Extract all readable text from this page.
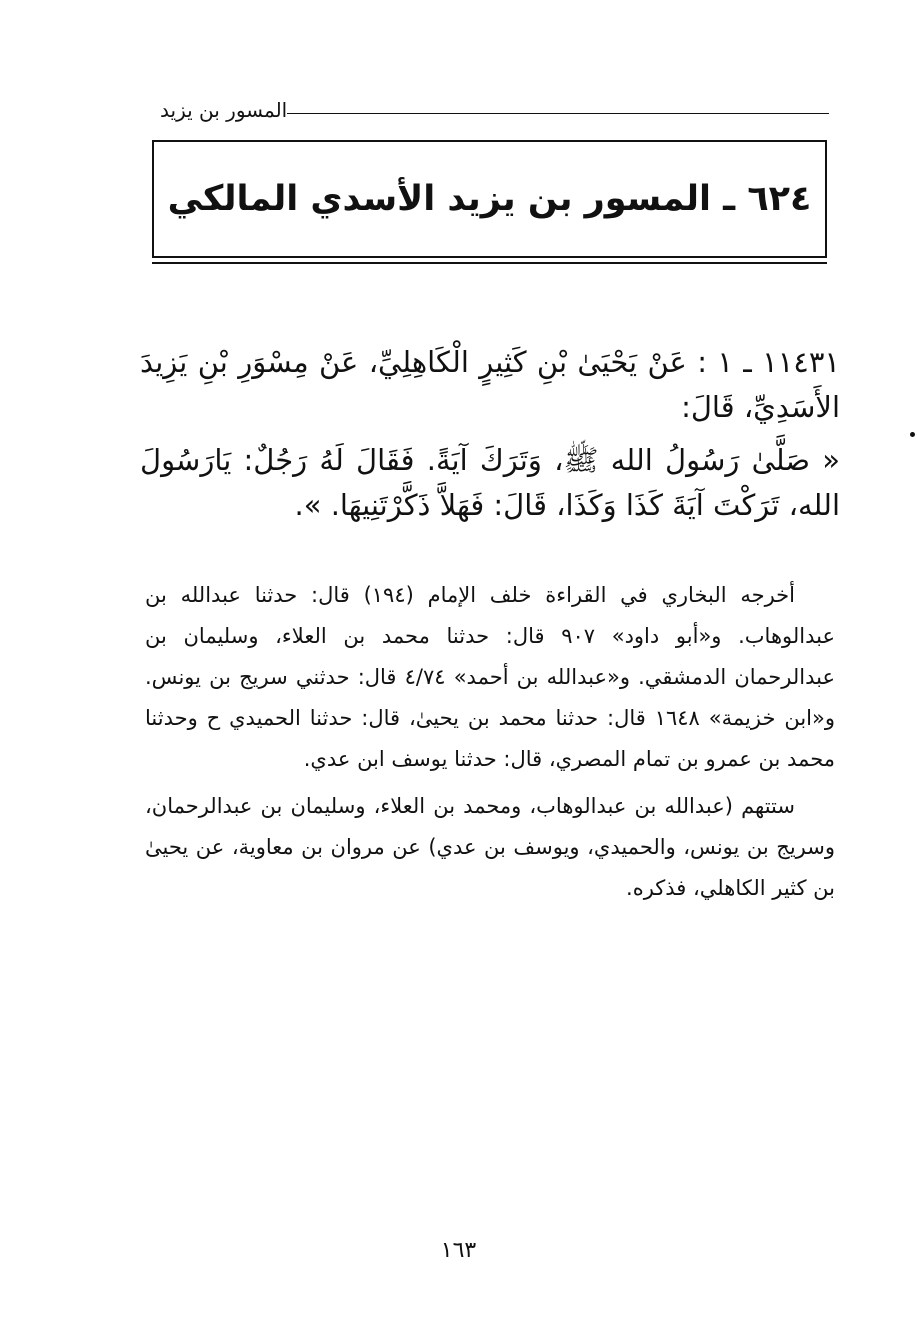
المسور بن يزيد
٦٢٤ ـ المسور بن يزيد الأسدي المالكي

١١٤٣١ ـ ١ : عَنْ يَحْيَىٰ بْنِ كَثِيرٍ الْكَاهِلِيِّ، عَنْ مِسْوَرِ بْنِ يَزِيدَ الأَسَدِيِّ، قَالَ:

« صَلَّىٰ رَسُولُ الله ﷺ، وَتَرَكَ آيَةً. فَقَالَ لَهُ رَجُلٌ: يَارَسُولَ الله، تَرَكْتَ آيَةَ كَذَا وَكَذَا، قَالَ: فَهَلاَّ ذَكَّرْتَنِيهَا. ».

أخرجه البخاري في القراءة خلف الإمام (١٩٤) قال: حدثنا عبدالله بن عبدالوهاب. و«أبو داود» ٩٠٧ قال: حدثنا محمد بن العلاء، وسليمان بن عبدالرحمان الدمشقي. و«عبدالله بن أحمد» ٤/٧٤ قال: حدثني سريج بن يونس. و«ابن خزيمة» ١٦٤٨ قال: حدثنا محمد بن يحيىٰ، قال: حدثنا الحميدي ح وحدثنا محمد بن عمرو بن تمام المصري، قال: حدثنا يوسف ابن عدي.

ستتهم (عبدالله بن عبدالوهاب، ومحمد بن العلاء، وسليمان بن عبدالرحمان، وسريج بن يونس، والحميدي، ويوسف بن عدي) عن مروان بن معاوية، عن يحيىٰ بن كثير الكاهلي، فذكره.

١٦٣
